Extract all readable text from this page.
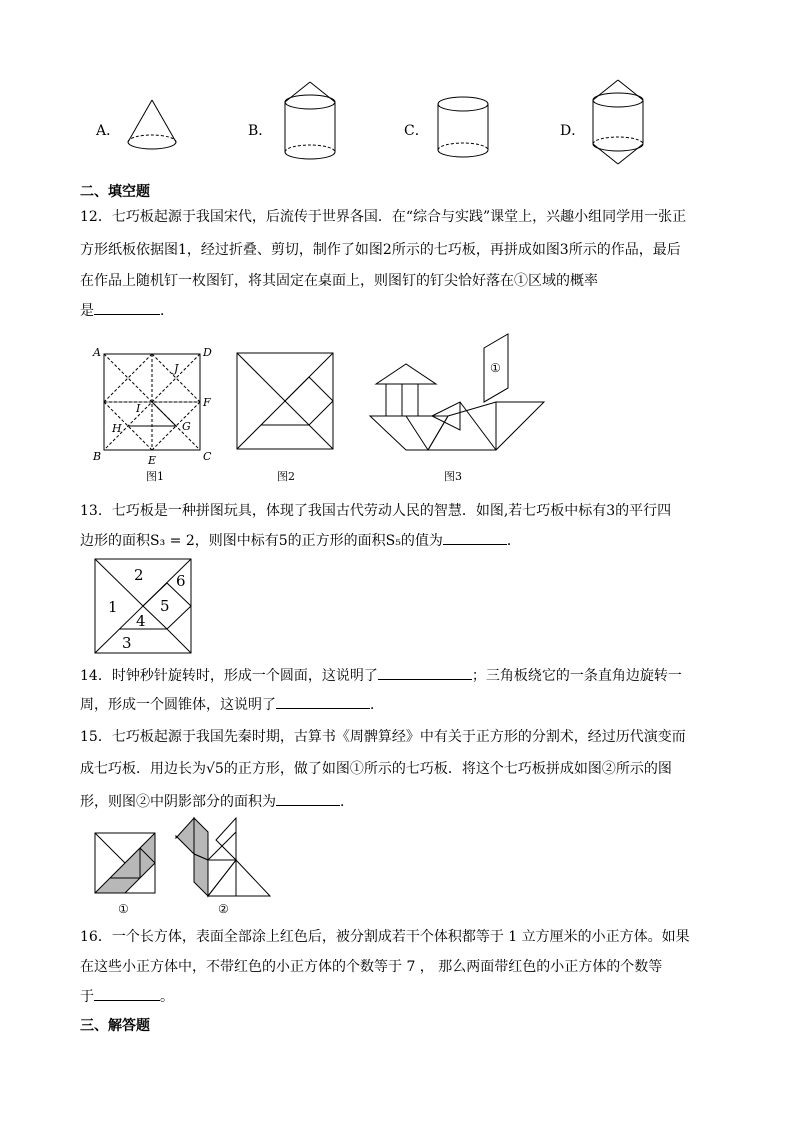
A．	B．	C．	D．
二、填空题
12．七巧板起源于我国宋代，后流传于世界各国．在“综合与实践”课堂上，兴趣小组同学用一张正
方形纸板依据图1，经过折叠、剪切，制作了如图2所示的七巧板，再拼成如图3所示的作品，最后
在作品上随机钉一枚图钉，将其固定在桌面上，则图钉的钉尖恰好落在①区域的概率
是	．
A	D
J
F
I
H	G
B	E	C
图1	图2
①
图3
13．七巧板是一种拼图玩具，体现了我国古代劳动人民的智慧．如图,若七巧板中标有3的平行四
边形的面积S₃ = 2，则图中标有5的正方形的面积S₅的值为	．
1
2
3
4
5
6
14．时钟秒针旋转时，形成一个圆面，这说明了	；三角板绕它的一条直角边旋转一
周，形成一个圆锥体，这说明了	．
15．七巧板起源于我国先秦时期，古算书《周髀算经》中有关于正方形的分割术，经过历代演变而
成七巧板．用边长为√5的正方形，做了如图①所示的七巧板．将这个七巧板拼成如图②所示的图
形，则图②中阴影部分的面积为	．
①	②
16．一个长方体，表面全部涂上红色后，被分割成若干个体积都等于 1 立方厘米的小正方体。如果
在这些小正方体中，不带红色的小正方体的个数等于 7 ， 那么两面带红色的小正方体的个数等
于	。
三、解答题
